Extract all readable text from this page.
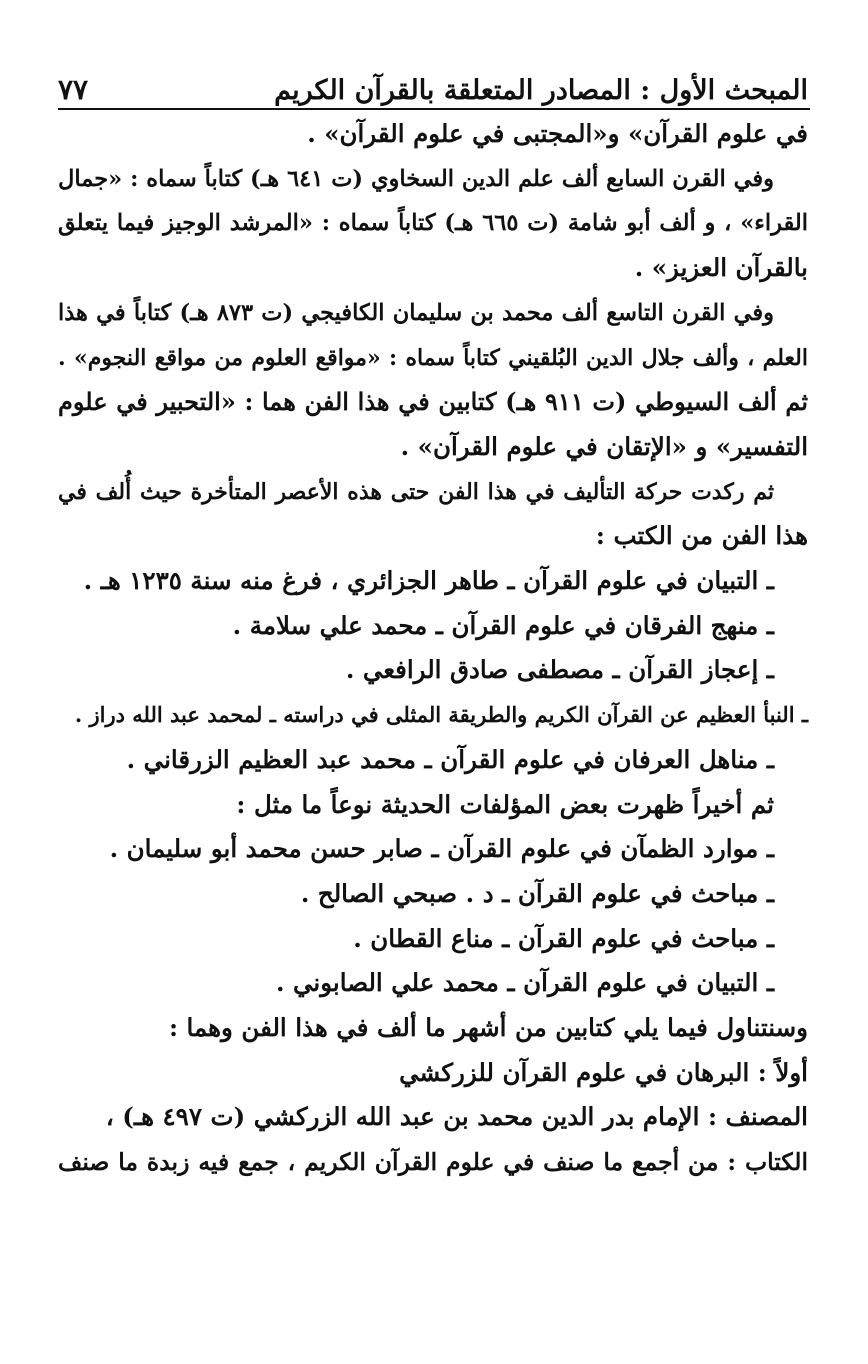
المبحث الأول : المصادر المتعلقة بالقرآن الكريم
٧٧
في علوم القرآن» و«المجتبى في علوم القرآن» .
وفي القرن السابع ألف علم الدين السخاوي (ت ٦٤١ هـ) كتاباً سماه : «جمال
القراء» ، و ألف أبو شامة (ت ٦٦٥ هـ) كتاباً سماه : «المرشد الوجيز فيما يتعلق
بالقرآن العزيز» .
وفي القرن التاسع ألف محمد بن سليمان الكافيجي (ت ٨٧٣ هـ) كتاباً في هذا
العلم ، وألف جلال الدين البُلقيني كتاباً سماه : «مواقع العلوم من مواقع النجوم» .
ثم ألف السيوطي (ت ٩١١ هـ) كتابين في هذا الفن هما : «التحبير في علوم
التفسير» و «الإتقان في علوم القرآن» .
ثم ركدت حركة التأليف في هذا الفن حتى هذه الأعصر المتأخرة حيث أُلف في
هذا الفن من الكتب :
ـ التبيان في علوم القرآن ـ طاهر الجزائري ، فرغ منه سنة ١٢٣٥ هـ .
ـ منهج الفرقان في علوم القرآن ـ محمد علي سلامة .
ـ إعجاز القرآن ـ مصطفى صادق الرافعي .
ـ النبأ العظيم عن القرآن الكريم والطريقة المثلى في دراسته ـ لمحمد عبد الله دراز .
ـ مناهل العرفان في علوم القرآن ـ محمد عبد العظيم الزرقاني .
ثم أخيراً ظهرت بعض المؤلفات الحديثة نوعاً ما مثل :
ـ موارد الظمآن في علوم القرآن ـ صابر حسن محمد أبو سليمان .
ـ مباحث في علوم القرآن ـ د . صبحي الصالح .
ـ مباحث في علوم القرآن ـ مناع القطان .
ـ التبيان في علوم القرآن ـ محمد علي الصابوني .
وسنتناول فيما يلي كتابين من أشهر ما ألف في هذا الفن وهما :
أولاً : البرهان في علوم القرآن للزركشي
المصنف : الإمام بدر الدين محمد بن عبد الله الزركشي (ت ٤٩٧ هـ) ،
الكتاب : من أجمع ما صنف في علوم القرآن الكريم ، جمع فيه زبدة ما صنف
